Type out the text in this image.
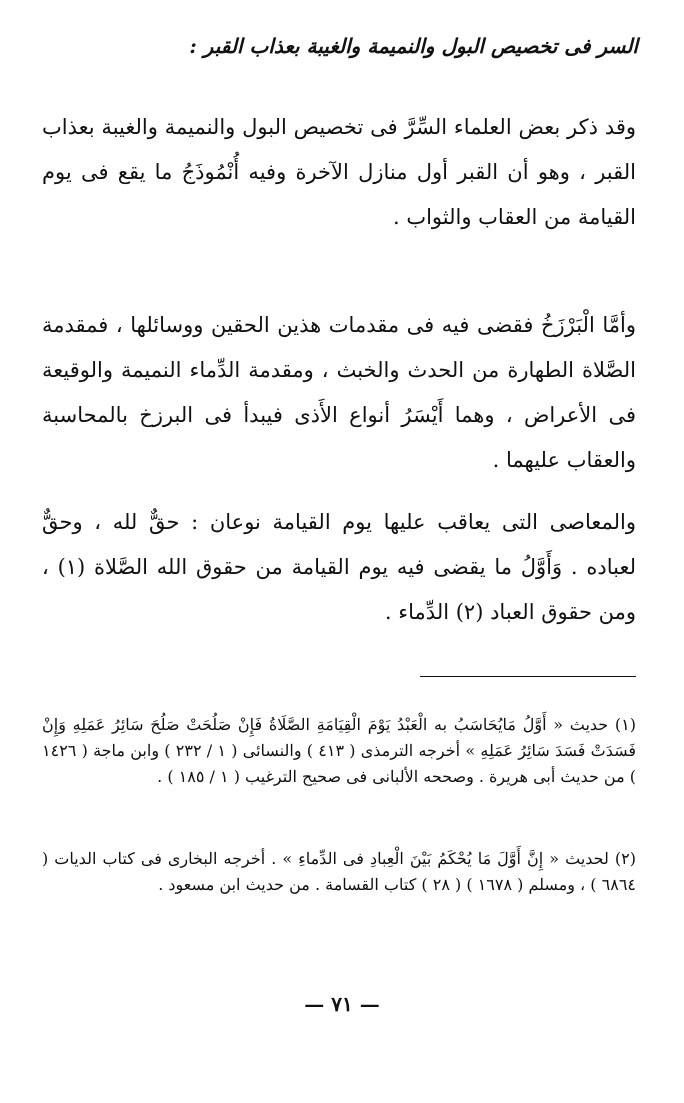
السر فى تخصيص البول والنميمة والغيبة بعذاب القبر :
وقد ذكر بعض العلماء السِّرَّ فى تخصيص البول والنميمة والغيبة بعذاب القبر ، وهو أن القبر أول منازل الآخرة وفيه أُنْمُوذَجُ ما يقع فى يوم القيامة من العقاب والثواب .
وأمَّا الْبَرْزَخُ فقضى فيه فى مقدمات هذين الحقين ووسائلها ، فمقدمة الصَّلاة الطهارة من الحدث والخبث ، ومقدمة الدِّماء النميمة والوقيعة فى الأعراض ، وهما أَيْسَرُ أنواع الأَذى فيبدأ فى البرزخ بالمحاسبة والعقاب عليهما .
والمعاصى التى يعاقب عليها يوم القيامة نوعان : حقٌّ لله ، وحقٌّ لعباده . وَأَوَّلُ ما يقضى فيه يوم القيامة من حقوق الله الصَّلاة (١) ، ومن حقوق العباد (٢) الدِّماء .
(١) حديث « أَوَّلُ مَايُحَاسَبُ به الْعَبْدُ يَوْمَ الْقِيَامَةِ الصَّلَاةُ فَإِنْ صَلُحَتْ صَلُحَ سَائِرُ عَمَلِهِ وَإِنْ فَسَدَتْ فَسَدَ سَائِرُ عَمَلِهِ » أخرجه الترمذى ( ٤١٣ ) والنسائى ( ١ / ٢٣٢ ) وابن ماجة ( ١٤٢٦ ) من حديث أبى هريرة . وصححه الألبانى فى صحيح الترغيب ( ١ / ١٨٥ ) .
(٢) لحديث « إِنَّ أَوَّلَ مَا يُحْكَمُ بَيْنَ الْعِبادِ فى الدِّماءِ » . أخرجه البخارى فى كتاب الديات ( ٦٨٦٤ ) ، ومسلم ( ١٦٧٨ ) ( ٢٨ ) كتاب القسامة . من حديث ابن مسعود .
— ٧١ —
